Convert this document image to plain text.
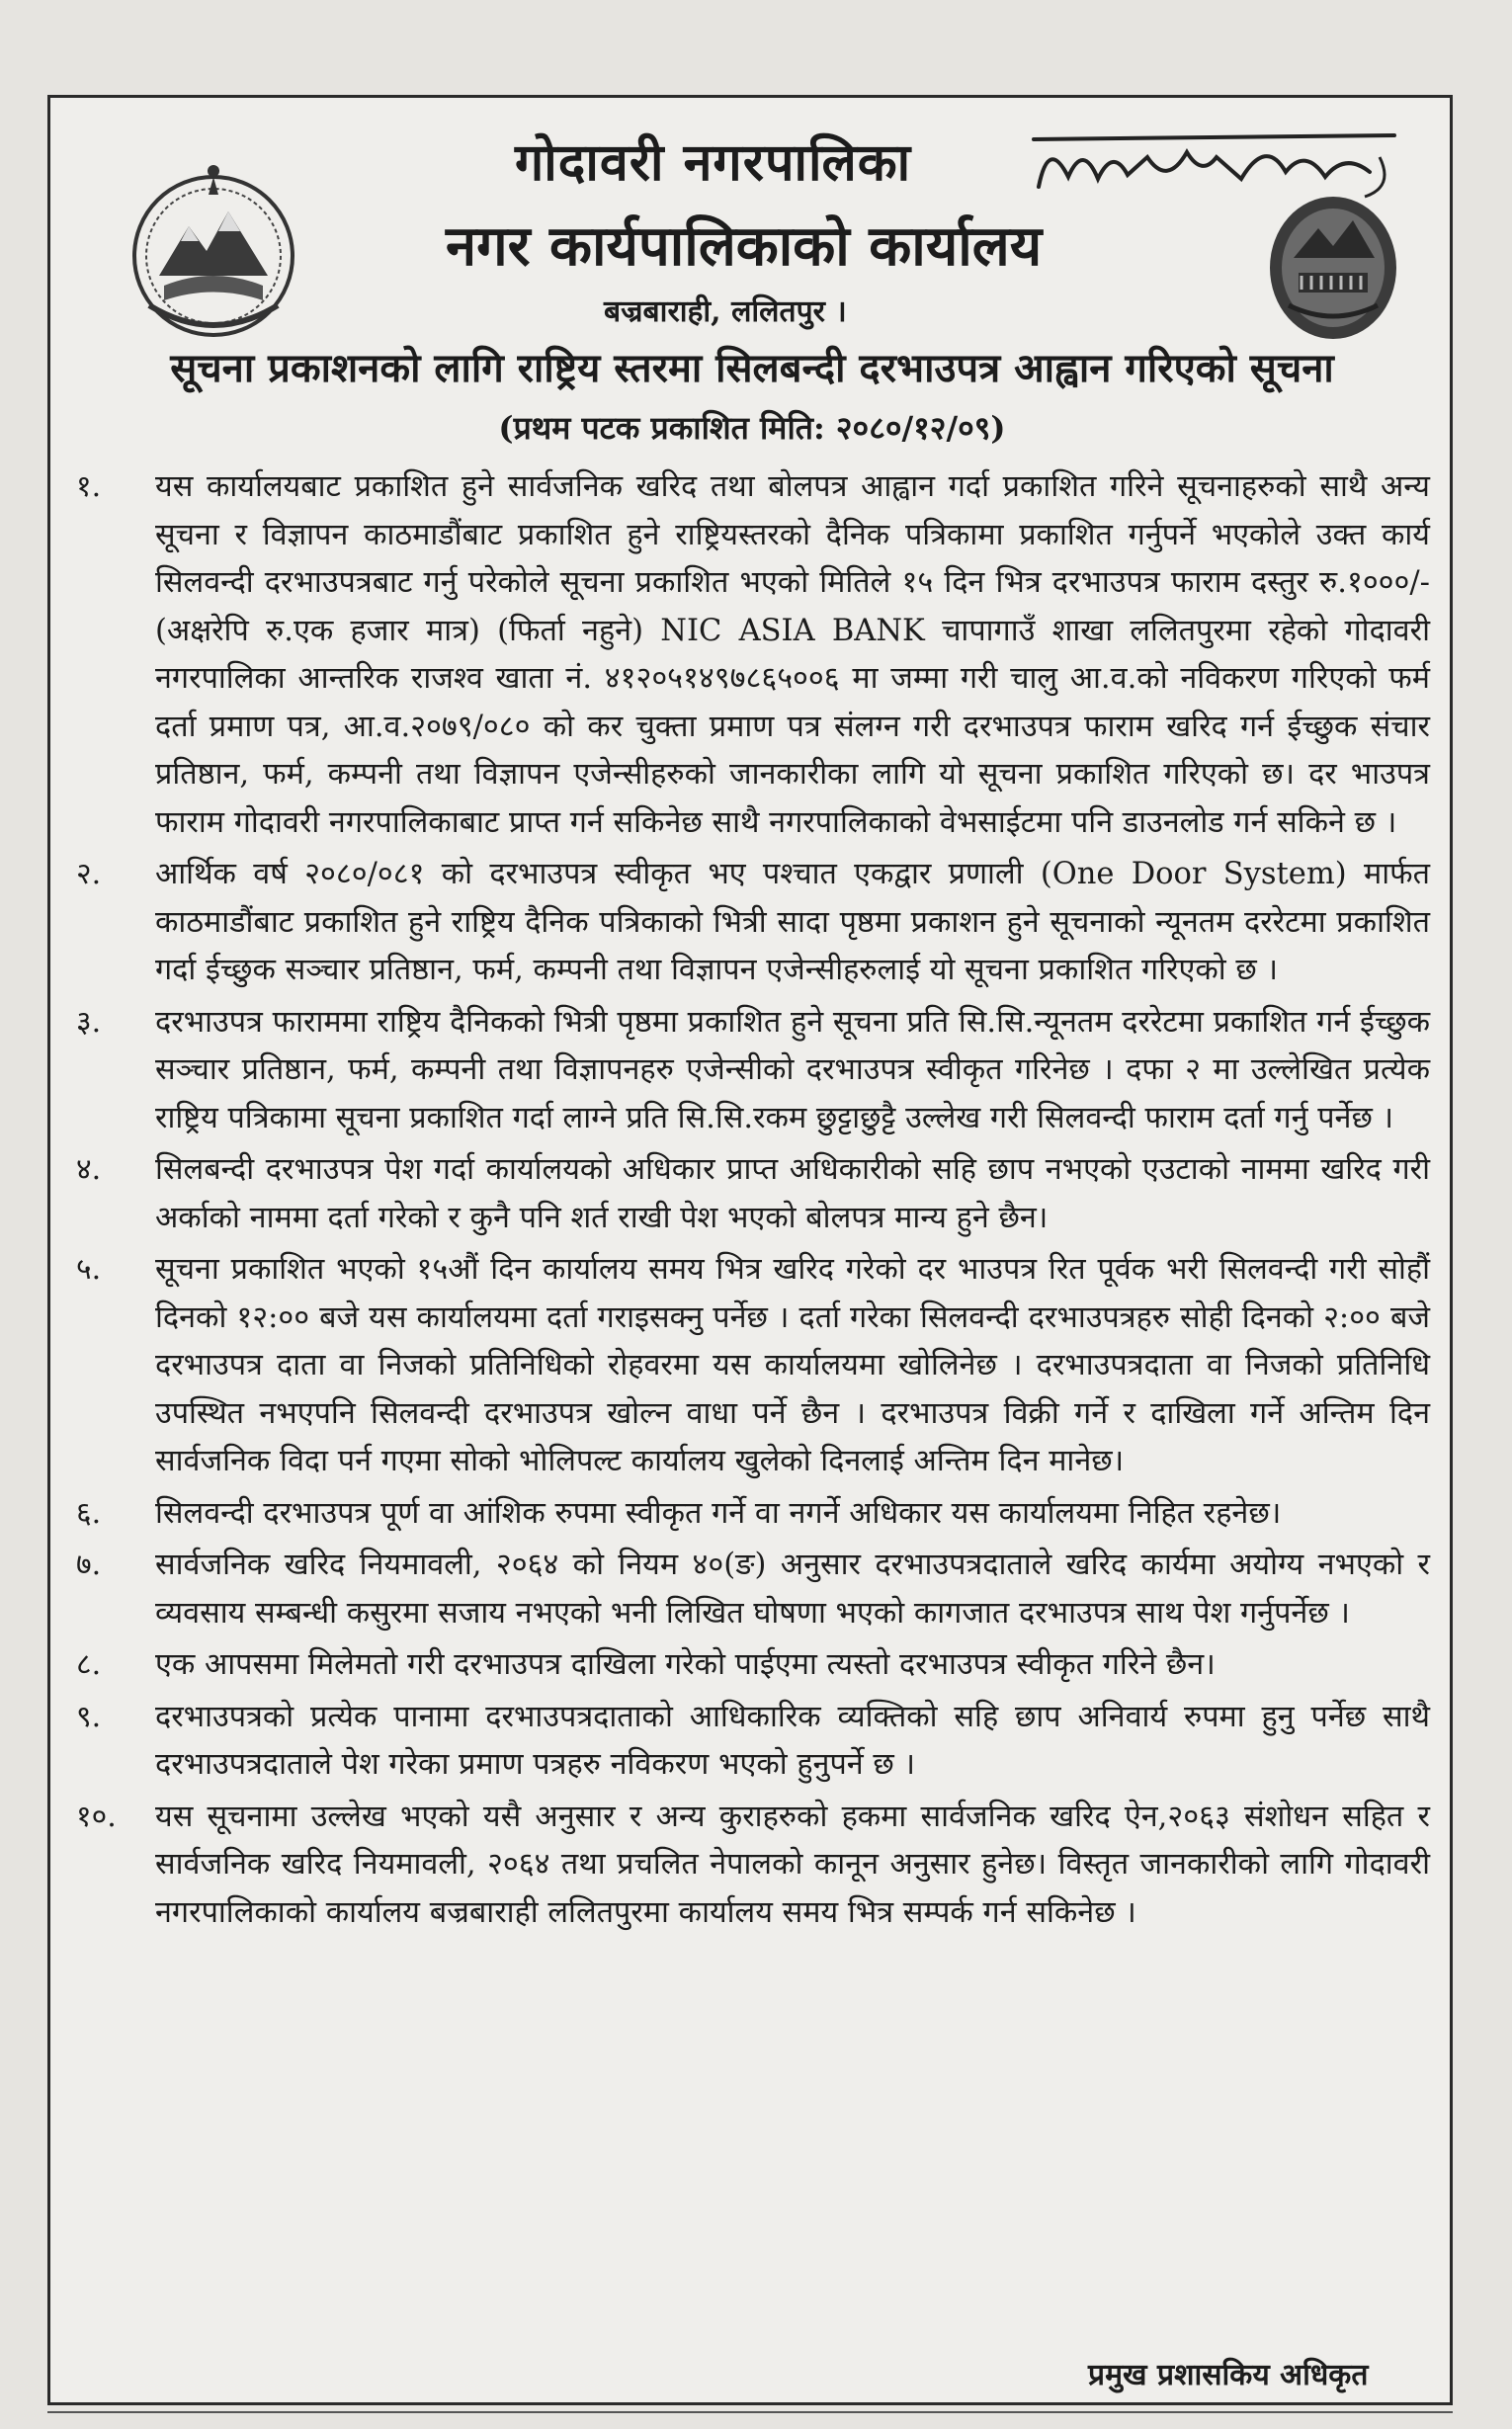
गोदावरी नगरपालिका
नगर कार्यपालिकाको कार्यालय
बज्रबाराही, ललितपुर ।
सूचना प्रकाशनको लागि राष्ट्रिय स्तरमा सिलबन्दी दरभाउपत्र आह्वान गरिएको सूचना
(प्रथम पटक प्रकाशित मिति: २०८०/१२/०९)
१.	यस कार्यालयबाट प्रकाशित हुने सार्वजनिक खरिद तथा बोलपत्र आह्वान गर्दा प्रकाशित गरिने सूचनाहरुको साथै अन्य सूचना र विज्ञापन काठमाडौंबाट प्रकाशित हुने राष्ट्रियस्तरको दैनिक पत्रिकामा प्रकाशित गर्नुपर्ने भएकोले उक्त कार्य सिलवन्दी दरभाउपत्रबाट गर्नु परेकोले सूचना प्रकाशित भएको मितिले १५ दिन भित्र दरभाउपत्र फाराम दस्तुर रु.१०००/- (अक्षरेपि रु.एक हजार मात्र) (फिर्ता नहुने) NIC ASIA BANK चापागाउँ शाखा ललितपुरमा रहेको गोदावरी नगरपालिका आन्तरिक राजश्व खाता नं. ४१२०५१४९७८६५००६ मा जम्मा गरी चालु आ.व.को नविकरण गरिएको फर्म दर्ता प्रमाण पत्र, आ.व.२०७९/०८० को कर चुक्ता प्रमाण पत्र संलग्न गरी दरभाउपत्र फाराम खरिद गर्न ईच्छुक संचार प्रतिष्ठान, फर्म, कम्पनी तथा विज्ञापन एजेन्सीहरुको जानकारीका लागि यो सूचना प्रकाशित गरिएको छ। दर भाउपत्र फाराम गोदावरी नगरपालिकाबाट प्राप्त गर्न सकिनेछ साथै नगरपालिकाको वेभसाईटमा पनि डाउनलोड गर्न सकिने छ ।
२.	आर्थिक वर्ष २०८०/०८१ को दरभाउपत्र स्वीकृत भए पश्चात एकद्वार प्रणाली (One Door System) मार्फत काठमाडौंबाट प्रकाशित हुने राष्ट्रिय दैनिक पत्रिकाको भित्री सादा पृष्ठमा प्रकाशन हुने सूचनाको न्यूनतम दररेटमा प्रकाशित गर्दा ईच्छुक सञ्चार प्रतिष्ठान, फर्म, कम्पनी तथा विज्ञापन एजेन्सीहरुलाई यो सूचना प्रकाशित गरिएको छ ।
३.	दरभाउपत्र फाराममा राष्ट्रिय दैनिकको भित्री पृष्ठमा प्रकाशित हुने सूचना प्रति सि.सि.न्यूनतम दररेटमा प्रकाशित गर्न ईच्छुक सञ्चार प्रतिष्ठान, फर्म, कम्पनी तथा विज्ञापनहरु एजेन्सीको दरभाउपत्र स्वीकृत गरिनेछ । दफा २ मा उल्लेखित प्रत्येक राष्ट्रिय पत्रिकामा सूचना प्रकाशित गर्दा लाग्ने प्रति सि.सि.रकम छुट्टाछुट्टै उल्लेख गरी सिलवन्दी फाराम दर्ता गर्नु पर्नेछ ।
४.	सिलबन्दी दरभाउपत्र पेश गर्दा कार्यालयको अधिकार प्राप्त अधिकारीको सहि छाप नभएको एउटाको नाममा खरिद गरी अर्काको नाममा दर्ता गरेको र कुनै पनि शर्त राखी पेश भएको बोलपत्र मान्य हुने छैन।
५.	सूचना प्रकाशित भएको १५औं दिन कार्यालय समय भित्र खरिद गरेको दर भाउपत्र रित पूर्वक भरी सिलवन्दी गरी सोहौं दिनको १२:०० बजे यस कार्यालयमा दर्ता गराइसक्नु पर्नेछ । दर्ता गरेका सिलवन्दी दरभाउपत्रहरु सोही दिनको २:०० बजे दरभाउपत्र दाता वा निजको प्रतिनिधिको रोहवरमा यस कार्यालयमा खोलिनेछ । दरभाउपत्रदाता वा निजको प्रतिनिधि उपस्थित नभएपनि सिलवन्दी दरभाउपत्र खोल्न वाधा पर्ने छैन । दरभाउपत्र विक्री गर्ने र दाखिला गर्ने अन्तिम दिन सार्वजनिक विदा पर्न गएमा सोको भोलिपल्ट कार्यालय खुलेको दिनलाई अन्तिम दिन मानेछ।
६.	सिलवन्दी दरभाउपत्र पूर्ण वा आंशिक रुपमा स्वीकृत गर्ने वा नगर्ने अधिकार यस कार्यालयमा निहित रहनेछ।
७.	सार्वजनिक खरिद नियमावली, २०६४ को नियम ४०(ङ) अनुसार दरभाउपत्रदाताले खरिद कार्यमा अयोग्य नभएको र व्यवसाय सम्बन्धी कसुरमा सजाय नभएको भनी लिखित घोषणा भएको कागजात दरभाउपत्र साथ पेश गर्नुपर्नेछ ।
८.	एक आपसमा मिलेमतो गरी दरभाउपत्र दाखिला गरेको पाईएमा त्यस्तो दरभाउपत्र स्वीकृत गरिने छैन।
९.	दरभाउपत्रको प्रत्येक पानामा दरभाउपत्रदाताको आधिकारिक व्यक्तिको सहि छाप अनिवार्य रुपमा हुनु पर्नेछ साथै दरभाउपत्रदाताले पेश गरेका प्रमाण पत्रहरु नविकरण भएको हुनुपर्ने छ ।
१०.	यस सूचनामा उल्लेख भएको यसै अनुसार र अन्य कुराहरुको हकमा सार्वजनिक खरिद ऐन,२०६३ संशोधन सहित र सार्वजनिक खरिद नियमावली, २०६४ तथा प्रचलित नेपालको कानून अनुसार हुनेछ। विस्तृत जानकारीको लागि गोदावरी नगरपालिकाको कार्यालय बज्रबाराही ललितपुरमा कार्यालय समय भित्र सम्पर्क गर्न सकिनेछ ।
प्रमुख प्रशासकिय अधिकृत
